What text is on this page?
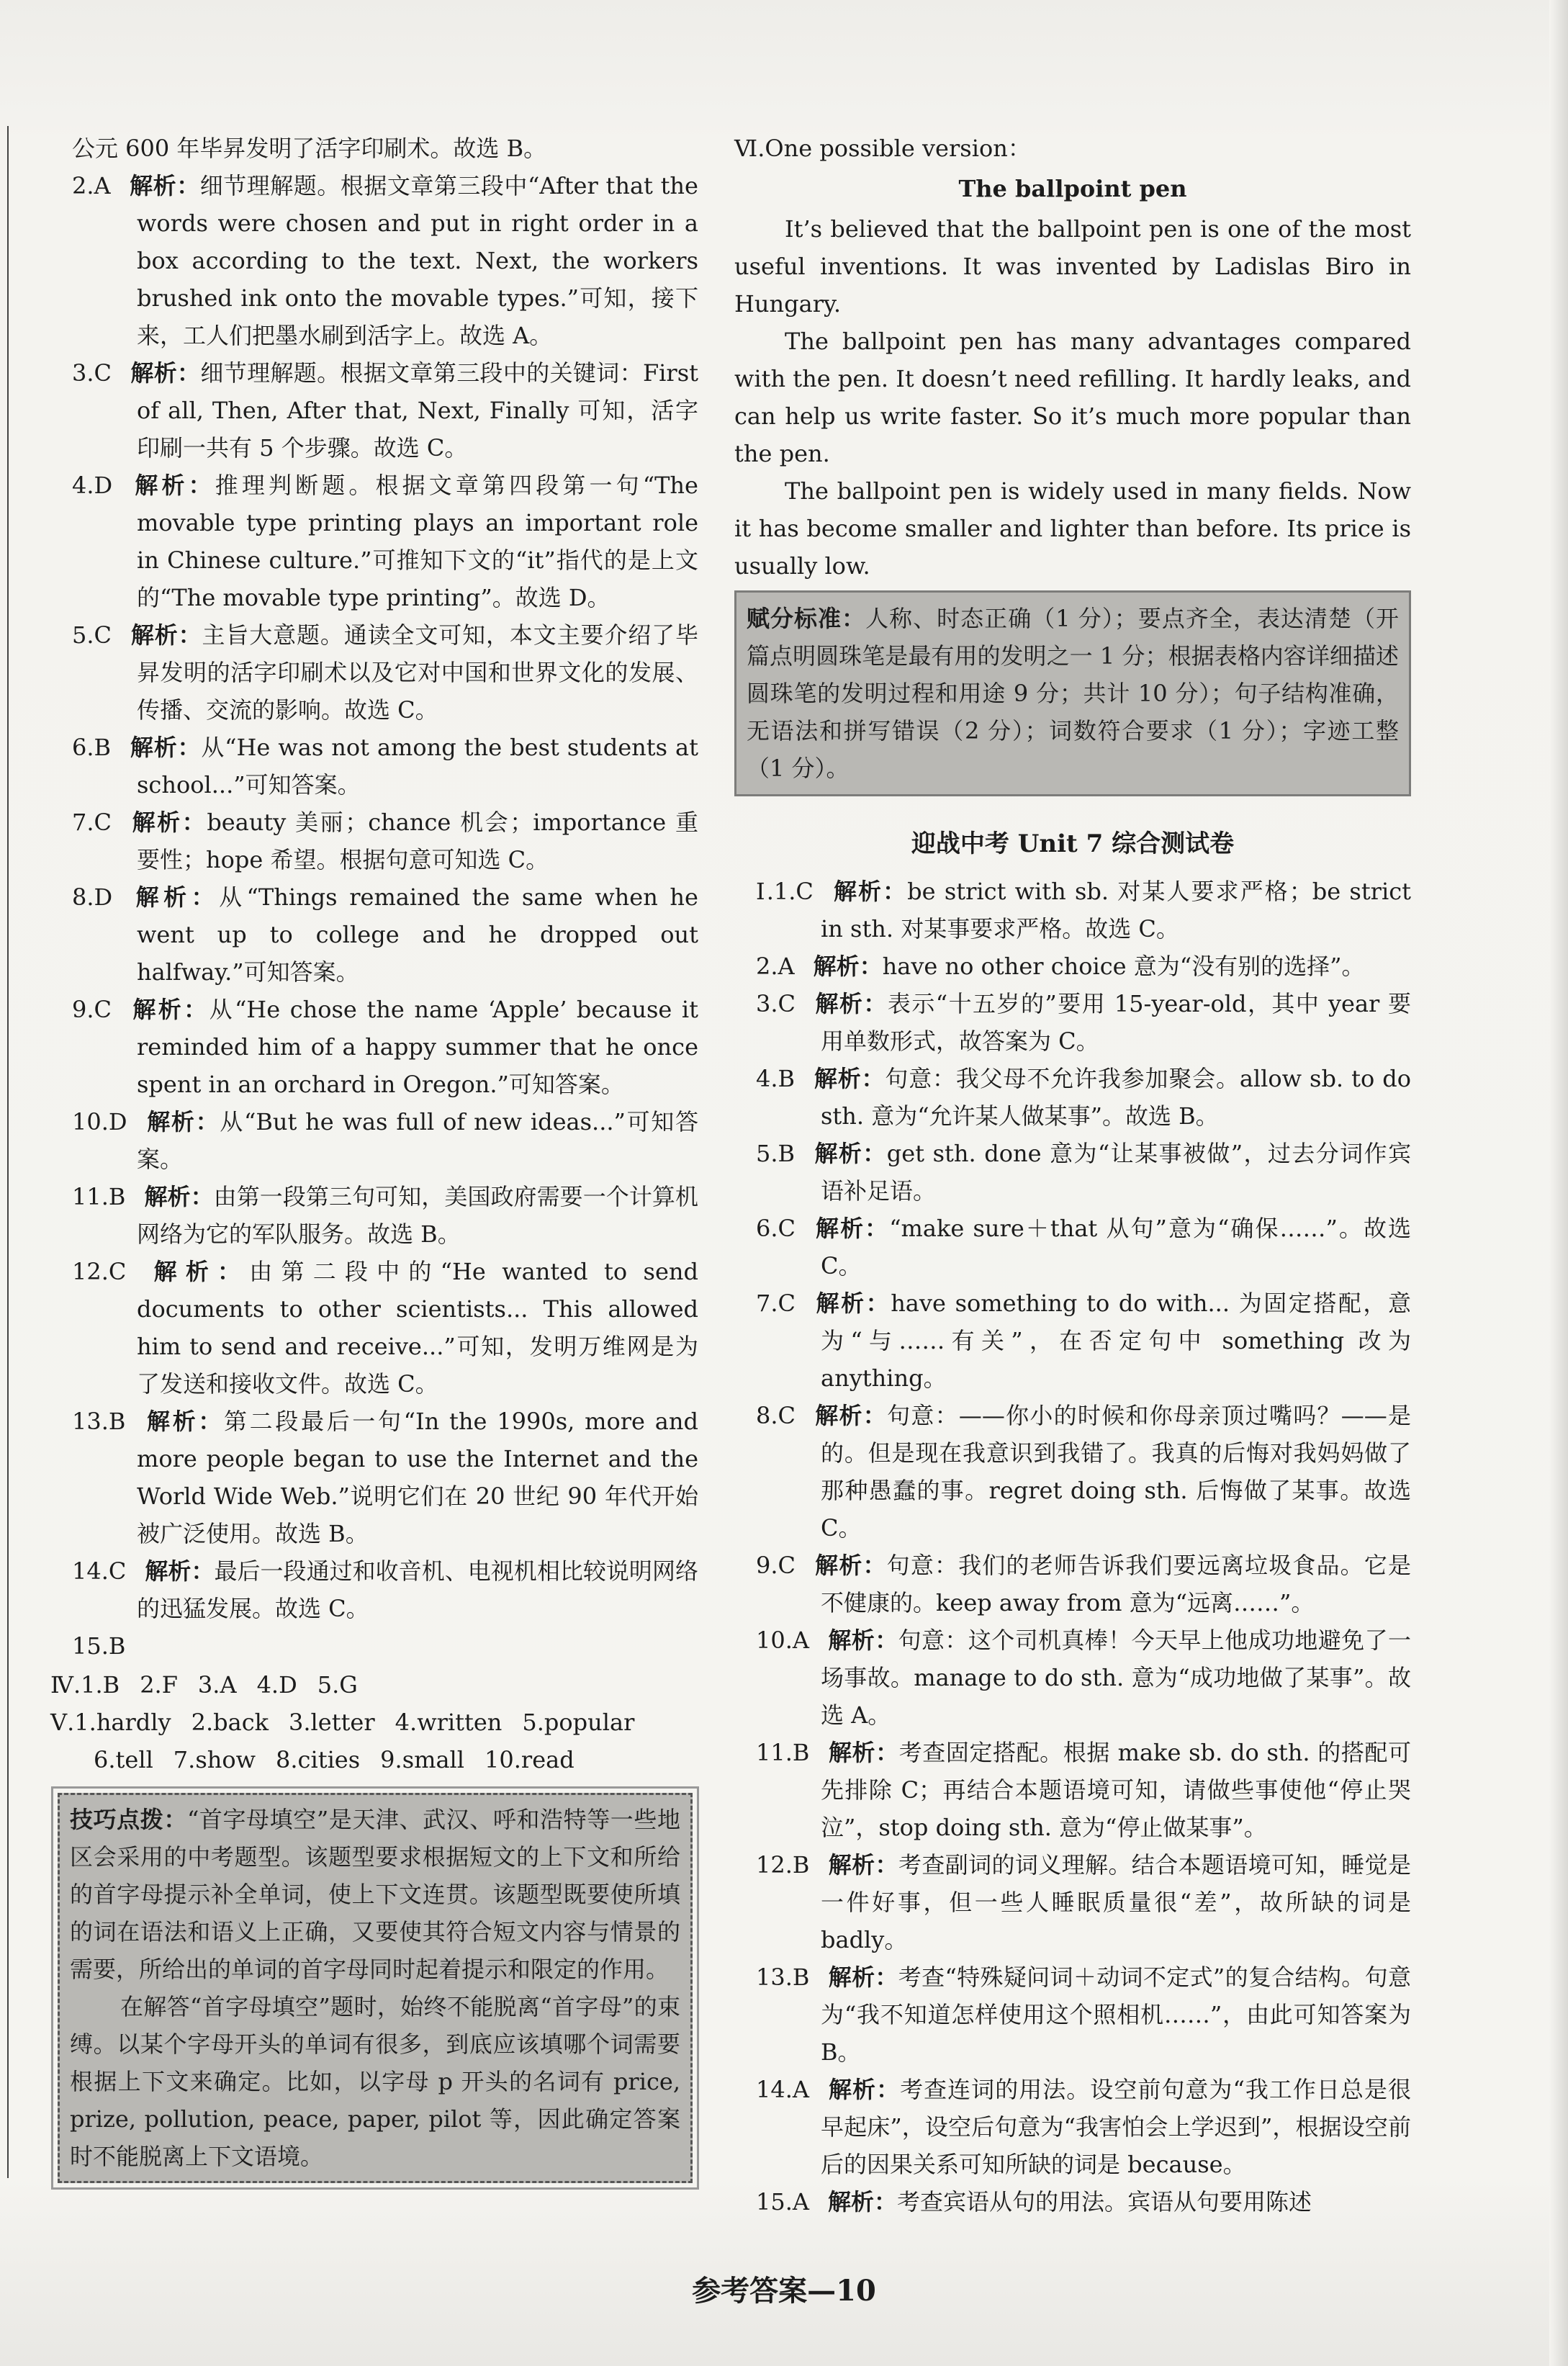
公元 600 年毕昇发明了活字印刷术。故选 B。
2.A 解析：细节理解题。根据文章第三段中“After that the words were chosen and put in right order in a box according to the text. Next, the workers brushed ink onto the movable types.”可知，接下来，工人们把墨水刷到活字上。故选 A。
3.C 解析：细节理解题。根据文章第三段中的关键词：First of all, Then, After that, Next, Finally 可知，活字印刷一共有 5 个步骤。故选 C。
4.D 解析：推理判断题。根据文章第四段第一句“The movable type printing plays an important role in Chinese culture.”可推知下文的“it”指代的是上文的“The movable type printing”。故选 D。
5.C 解析：主旨大意题。通读全文可知，本文主要介绍了毕昇发明的活字印刷术以及它对中国和世界文化的发展、传播、交流的影响。故选 C。
6.B 解析：从“He was not among the best students at school...”可知答案。
7.C 解析：beauty 美丽；chance 机会；importance 重要性；hope 希望。根据句意可知选 C。
8.D 解析：从“Things remained the same when he went up to college and he dropped out halfway.”可知答案。
9.C 解析：从“He chose the name ‘Apple’ because it reminded him of a happy summer that he once spent in an orchard in Oregon.”可知答案。
10.D 解析：从“But he was full of new ideas...”可知答案。
11.B 解析：由第一段第三句可知，美国政府需要一个计算机网络为它的军队服务。故选 B。
12.C 解析：由第二段中的“He wanted to send documents to other scientists... This allowed him to send and receive...”可知，发明万维网是为了发送和接收文件。故选 C。
13.B 解析：第二段最后一句“In the 1990s, more and more people began to use the Internet and the World Wide Web.”说明它们在 20 世纪 90 年代开始被广泛使用。故选 B。
14.C 解析：最后一段通过和收音机、电视机相比较说明网络的迅猛发展。故选 C。
15.B
Ⅳ.1.B 2.F 3.A 4.D 5.G
Ⅴ.1.hardly 2.back 3.letter 4.written 5.popular
6.tell 7.show 8.cities 9.small 10.read

技巧点拨：“首字母填空”是天津、武汉、呼和浩特等一些地区会采用的中考题型。该题型要求根据短文的上下文和所给的首字母提示补全单词，使上下文连贯。该题型既要使所填的词在语法和语义上正确，又要使其符合短文内容与情景的需要，所给出的单词的首字母同时起着提示和限定的作用。

在解答“首字母填空”题时，始终不能脱离“首字母”的束缚。以某个字母开头的单词有很多，到底应该填哪个词需要根据上下文来确定。比如，以字母 p 开头的名词有 price, prize, pollution, peace, paper, pilot 等，因此确定答案时不能脱离上下文语境。

Ⅵ.One possible version：
The ballpoint pen
It’s believed that the ballpoint pen is one of the most useful inventions. It was invented by Ladislas Biro in Hungary.
The ballpoint pen has many advantages compared with the pen. It doesn’t need refilling. It hardly leaks, and can help us write faster. So it’s much more popular than the pen.
The ballpoint pen is widely used in many fields. Now it has become smaller and lighter than before. Its price is usually low.
赋分标准：人称、时态正确（1 分）；要点齐全，表达清楚（开篇点明圆珠笔是最有用的发明之一 1 分；根据表格内容详细描述圆珠笔的发明过程和用途 9 分；共计 10 分）；句子结构准确，无语法和拼写错误（2 分）；词数符合要求（1 分）；字迹工整（1 分）。
迎战中考 Unit 7 综合测试卷
Ⅰ.1.C 解析：be strict with sb. 对某人要求严格；be strict in sth. 对某事要求严格。故选 C。
2.A 解析：have no other choice 意为“没有别的选择”。
3.C 解析：表示“十五岁的”要用 15-year-old，其中 year 要用单数形式，故答案为 C。
4.B 解析：句意：我父母不允许我参加聚会。allow sb. to do sth. 意为“允许某人做某事”。故选 B。
5.B 解析：get sth. done 意为“让某事被做”，过去分词作宾语补足语。
6.C 解析：“make sure＋that 从句”意为“确保……”。故选 C。
7.C 解析：have something to do with... 为固定搭配，意为“与……有关”，在否定句中 something 改为 anything。
8.C 解析：句意：——你小的时候和你母亲顶过嘴吗？——是的。但是现在我意识到我错了。我真的后悔对我妈妈做了那种愚蠢的事。regret doing sth. 后悔做了某事。故选 C。
9.C 解析：句意：我们的老师告诉我们要远离垃圾食品。它是不健康的。keep away from 意为“远离……”。
10.A 解析：句意：这个司机真棒！今天早上他成功地避免了一场事故。manage to do sth. 意为“成功地做了某事”。故选 A。
11.B 解析：考查固定搭配。根据 make sb. do sth. 的搭配可先排除 C；再结合本题语境可知，请做些事使他“停止哭泣”，stop doing sth. 意为“停止做某事”。
12.B 解析：考查副词的词义理解。结合本题语境可知，睡觉是一件好事，但一些人睡眠质量很“差”，故所缺的词是 badly。
13.B 解析：考查“特殊疑问词＋动词不定式”的复合结构。句意为“我不知道怎样使用这个照相机……”，由此可知答案为 B。
14.A 解析：考查连词的用法。设空前句意为“我工作日总是很早起床”，设空后句意为“我害怕会上学迟到”，根据设空前后的因果关系可知所缺的词是 because。
15.A 解析：考查宾语从句的用法。宾语从句要用陈述
参考答案—10
